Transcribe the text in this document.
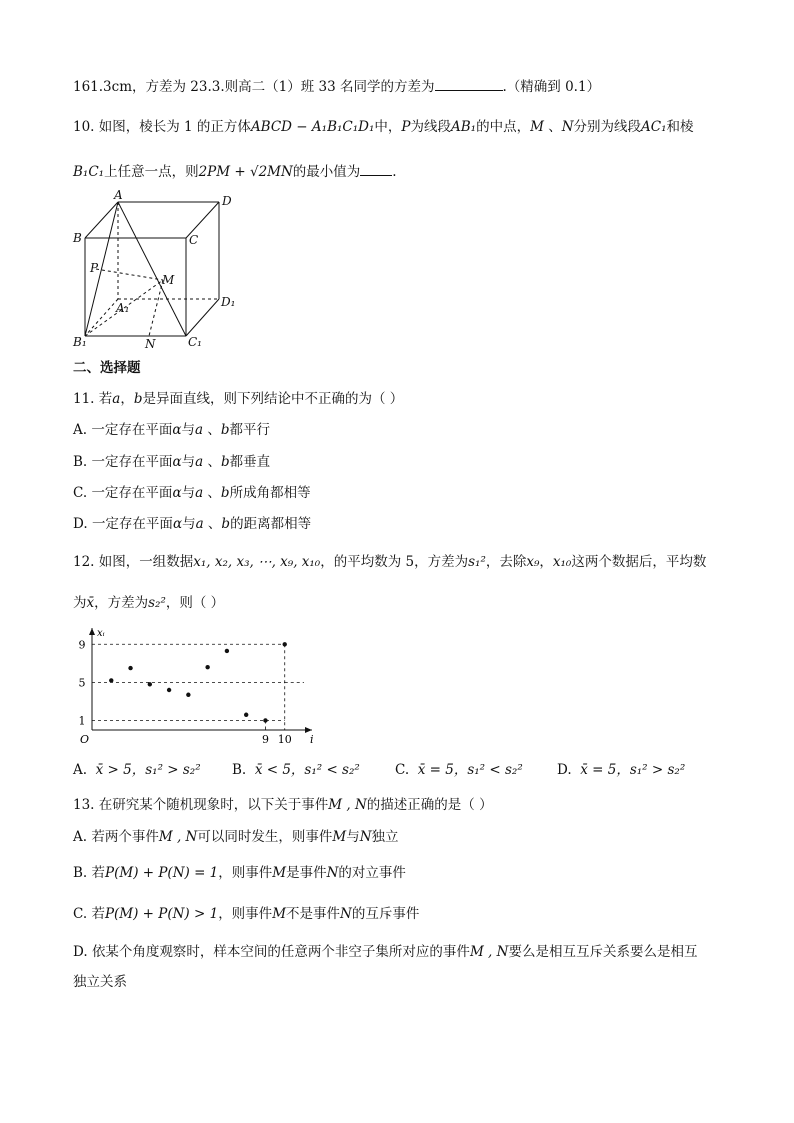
161.3cm，方差为 23.3.则高二（1）班 33 名同学的方差为	.（精确到 0.1）
10. 如图，棱长为 1 的正方体ABCD − A₁B₁C₁D₁中，P为线段AB₁的中点，M 、N分别为线段AC₁和棱
B₁C₁上任意一点，则2PM + √2MN的最小值为 .
A	D
B	C
P
M
A₁	D₁
B₁	N	C₁
二、选择题
11. 若a，b是异面直线，则下列结论中不正确的为（ ）
A. 一定存在平面α与a 、b都平行
B. 一定存在平面α与a 、b都垂直
C. 一定存在平面α与a 、b所成角都相等
D. 一定存在平面α与a 、b的距离都相等
12. 如图，一组数据x₁, x₂, x₃, ⋯, x₉, x₁₀，的平均数为 5，方差为s₁²，去除x₉，x₁₀这两个数据后，平均数
为x̄，方差为s₂²，则（ ）
1
5
9
9 10
O
xᵢ
i
A. x̄ > 5，s₁² > s₂² B. x̄ < 5，s₁² < s₂²	C. x̄ = 5，s₁² < s₂²	D. x̄ = 5，s₁² > s₂²
13. 在研究某个随机现象时，以下关于事件M , N的描述正确的是（ ）
A. 若两个事件M , N可以同时发生，则事件M与N独立
B. 若P(M) + P(N) = 1，则事件M是事件N的对立事件
C. 若P(M) + P(N) > 1，则事件M不是事件N的互斥事件
D. 依某个角度观察时，样本空间的任意两个非空子集所对应的事件M , N要么是相互互斥关系要么是相互
独立关系
